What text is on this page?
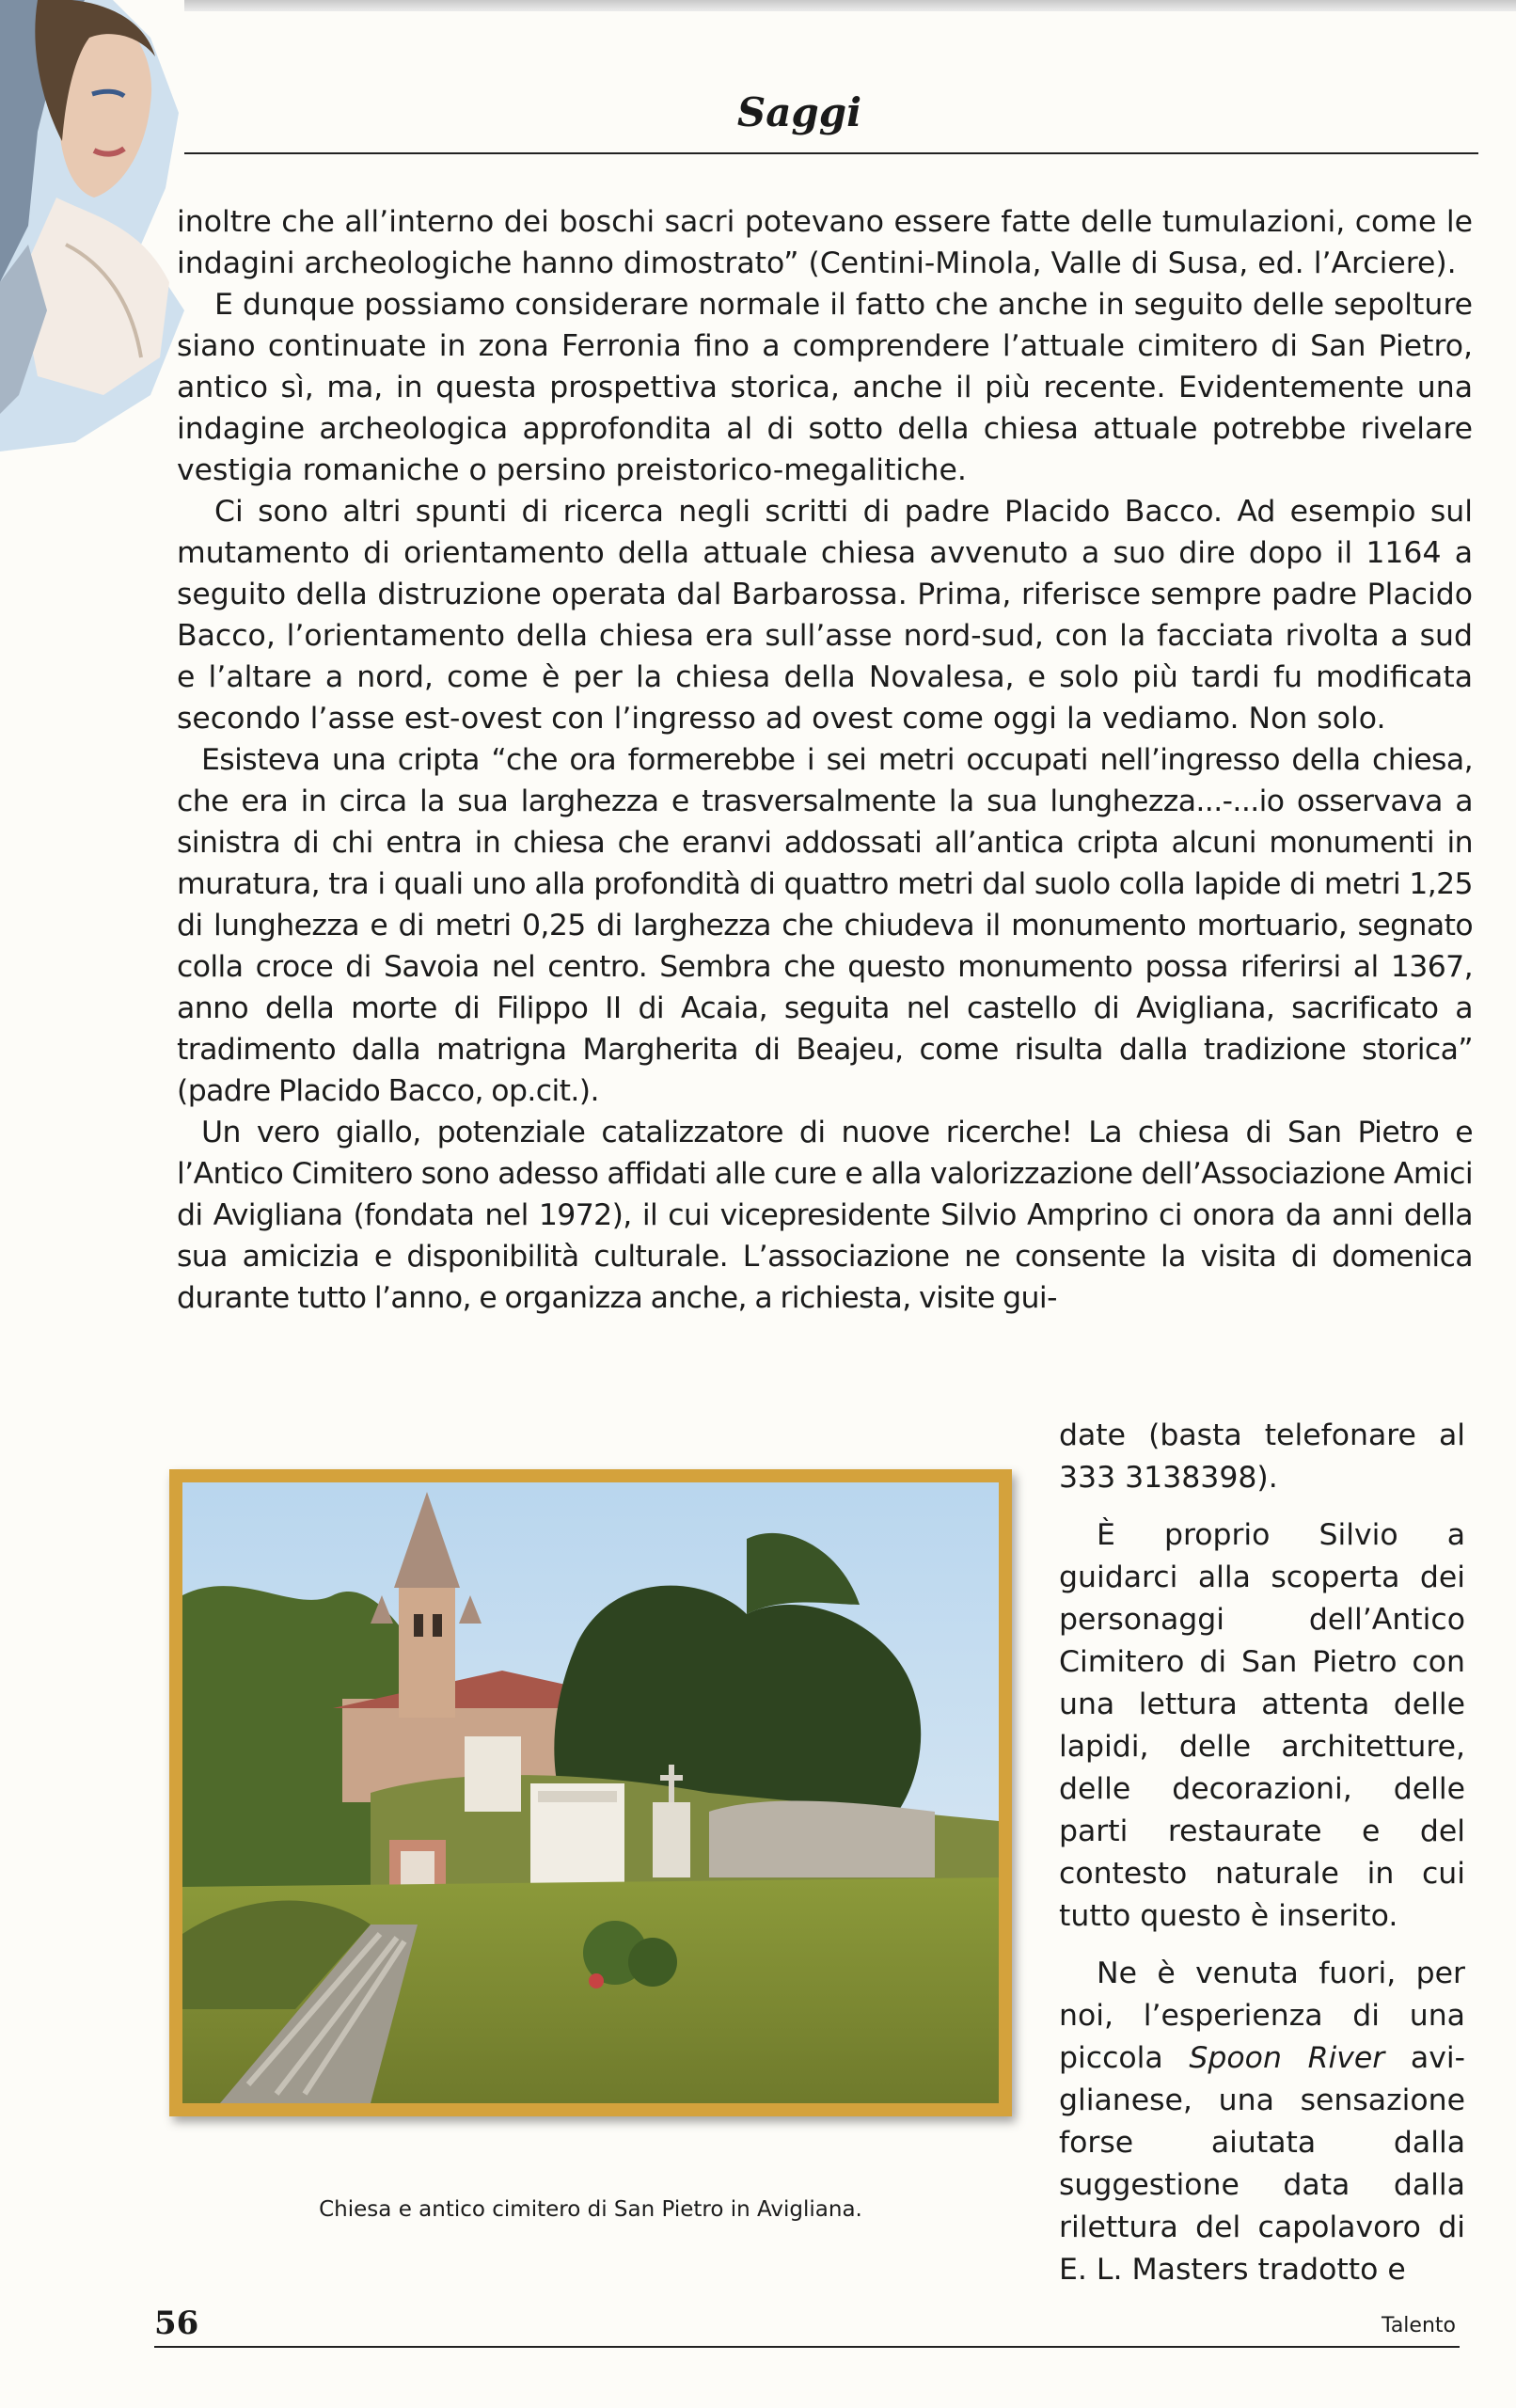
Saggi

inoltre che all’interno dei boschi sacri potevano essere fatte delle tumulazioni, come le indagini archeologiche hanno dimostrato” (Centini-Minola, Valle di Susa, ed. l’Arciere).

E dunque possiamo considerare normale il fatto che anche in seguito delle sepolture siano continuate in zona Ferronia fino a comprendere l’attuale cimitero di San Pietro, antico sì, ma, in questa prospettiva storica, anche il più recente. Evidentemente una indagine archeologica approfondita al di sotto della chiesa attuale potrebbe rivelare vestigia romaniche o persino preistorico-megalitiche.

Ci sono altri spunti di ricerca negli scritti di padre Placido Bacco. Ad esempio sul mutamento di orientamento della attuale chiesa avvenuto a suo dire dopo il 1164 a seguito della distruzione operata dal Barbarossa. Prima, riferisce sempre padre Placido Bacco, l’orientamento della chiesa era sull’asse nord-sud, con la facciata rivolta a sud e l’altare a nord, come è per la chiesa della Novalesa, e solo più tardi fu modificata secondo l’asse est-ovest con l’ingresso ad ovest come oggi la vediamo. Non solo.

Esisteva una cripta “che ora formerebbe i sei metri occupati nell’ingresso della chiesa, che era in circa la sua larghezza e trasversalmente la sua lunghezza...-...io osservava a sinistra di chi entra in chiesa che eranvi addossati all’antica cripta alcuni monumenti in muratura, tra i quali uno alla profondità di quattro metri dal suolo colla lapide di metri 1,25 di lunghezza e di metri 0,25 di larghezza che chiudeva il monumento mortuario, segnato colla croce di Savoia nel centro. Sembra che questo monumento possa riferirsi al 1367, anno della morte di Filippo II di Acaia, seguita nel castello di Avigliana, sacrificato a tradimento dalla matrigna Margherita di Beajeu, come risulta dalla tradizione storica” (padre Placido Bacco, op.cit.).

Un vero giallo, potenziale catalizzatore di nuove ricerche! La chiesa di San Pietro e l’Antico Cimitero sono adesso affidati alle cure e alla valorizzazione dell’Associazione Amici di Avigliana (fondata nel 1972), il cui vicepresidente Silvio Amprino ci onora da anni della sua amicizia e disponibilità culturale. L’associazione ne consente la visita di domenica durante tutto l’anno, e organizza anche, a richiesta, visite gui-

Chiesa e antico cimitero di San Pietro in Avigliana.

date (basta telefonare al 333 3138398).

È proprio Silvio a guidarci alla scoperta dei personaggi dell’Antico Cimitero di San Pietro con una lettura attenta delle lapidi, delle architetture, delle decorazioni, delle parti restaurate e del contesto naturale in cui tutto questo è inserito.

Ne è venuta fuori, per noi, l’esperienza di una piccola Spoon River aviglianese, una sensazione forse aiutata dalla suggestione data dalla rilettura del capolavoro di E. L. Masters tradotto e

56	Talento
